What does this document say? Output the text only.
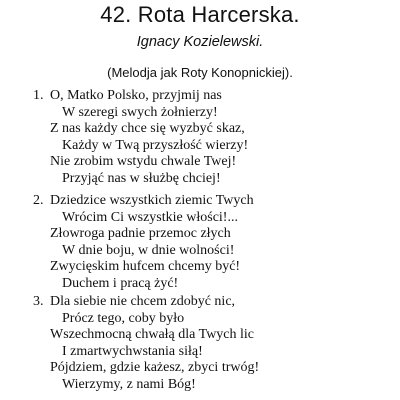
42. Rota Harcerska.
Ignacy Kozielewski.
(Melodja jak Roty Konopnickiej).
1. O, Matko Polsko, przyjmij nas
W szeregi swych żołnierzy!
Z nas każdy chce się wyzbyć skaz,
Każdy w Twą przyszłość wierzy!
Nie zrobim wstydu chwale Twej!
Przyjąć nas w służbę chciej!
2. Dziedzice wszystkich ziemic Twych
Wrócim Ci wszystkie włości!...
Złowroga padnie przemoc złych
W dnie boju, w dnie wolności!
Zwycięskim hufcem chcemy być!
Duchem i pracą żyć!
3. Dla siebie nie chcem zdobyć nic,
Prócz tego, coby było
Wszechmocną chwałą dla Twych lic
I zmartwychwstania siłą!
Pójdziem, gdzie każesz, zbyci trwóg!
Wierzymy, z nami Bóg!
